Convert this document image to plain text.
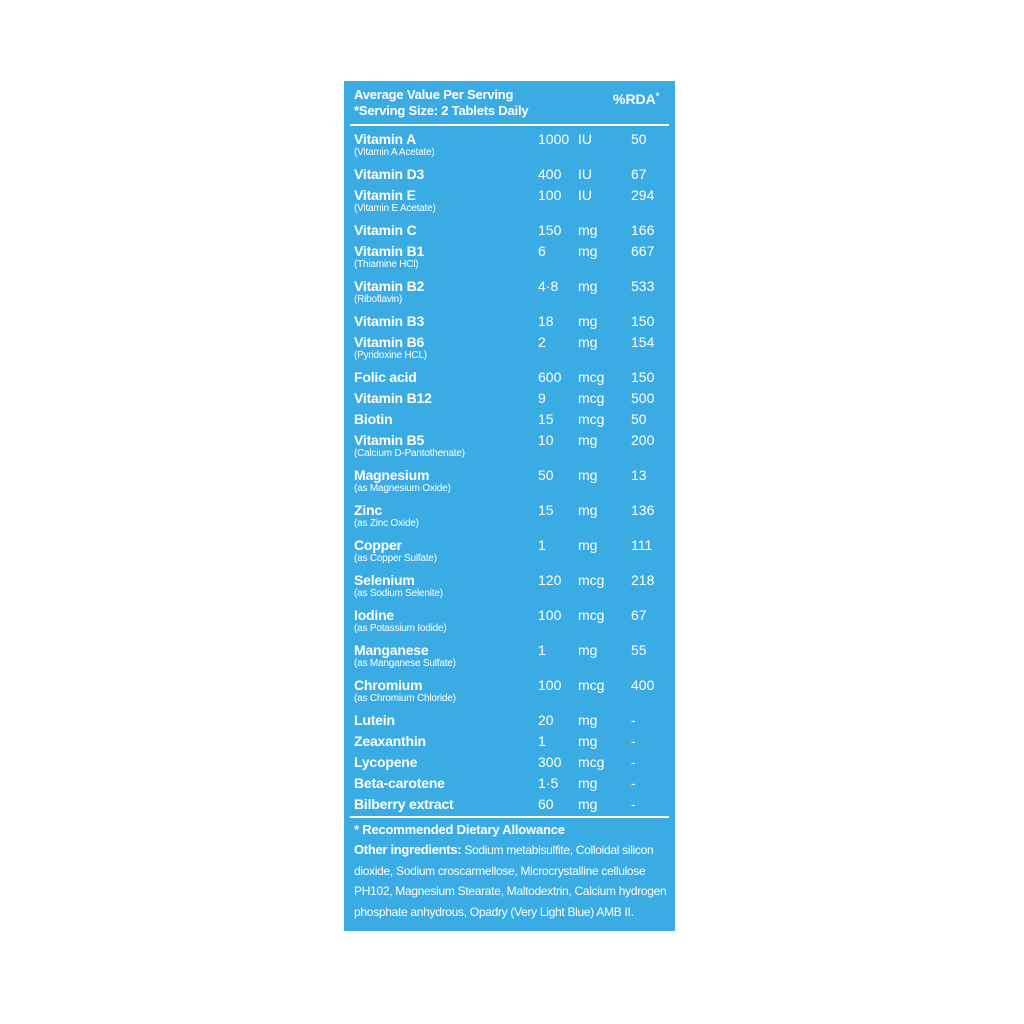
Average Value Per Serving
*Serving Size: 2 Tablets Daily
%RDA*
Vitamin A
(Vitamin A Acetate)
1000 IU	50
Vitamin D3	400 IU	67
Vitamin E
(Vitamin E Acetate)
100 IU	294
Vitamin C	150 mg 166
Vitamin B1
(Thiamine HCl)
6 mg 667
Vitamin B2
(Riboflavin)
4·8 mg 533
Vitamin B3	18 mg 150
Vitamin B6
(Pyridoxine HCL)
2 mg 154
Folic acid	600 mcg 150
Vitamin B12	9 mcg 500
Biotin	15 mcg 50
Vitamin B5
(Calcium D-Pantothenate)
10 mg 200
Magnesium
(as Magnesium Oxide)
50 mg 13
Zinc
(as Zinc Oxide)
15 mg 136
Copper
(as Copper Sulfate)
1 mg 111
Selenium
(as Sodium Selenite)
120 mcg 218
Iodine
(as Potassium Iodide)
100 mcg 67
Manganese
(as Manganese Sulfate)
1 mg 55
Chromium
(as Chromium Chloride)
100 mcg 400
Lutein	20 mg -
Zeaxanthin	1 mg -
Lycopene	300 mcg -
Beta-carotene	1·5 mg -
Bilberry extract	60 mg -
* Recommended Dietary Allowance
Other ingredients: Sodium metabisulfite, Colloidal silicon dioxide, Sodium croscarmellose, Microcrystalline cellulose PH102, Magnesium Stearate, Maltodextrin, Calcium hydrogen phosphate anhydrous, Opadry (Very Light Blue) AMB II.
